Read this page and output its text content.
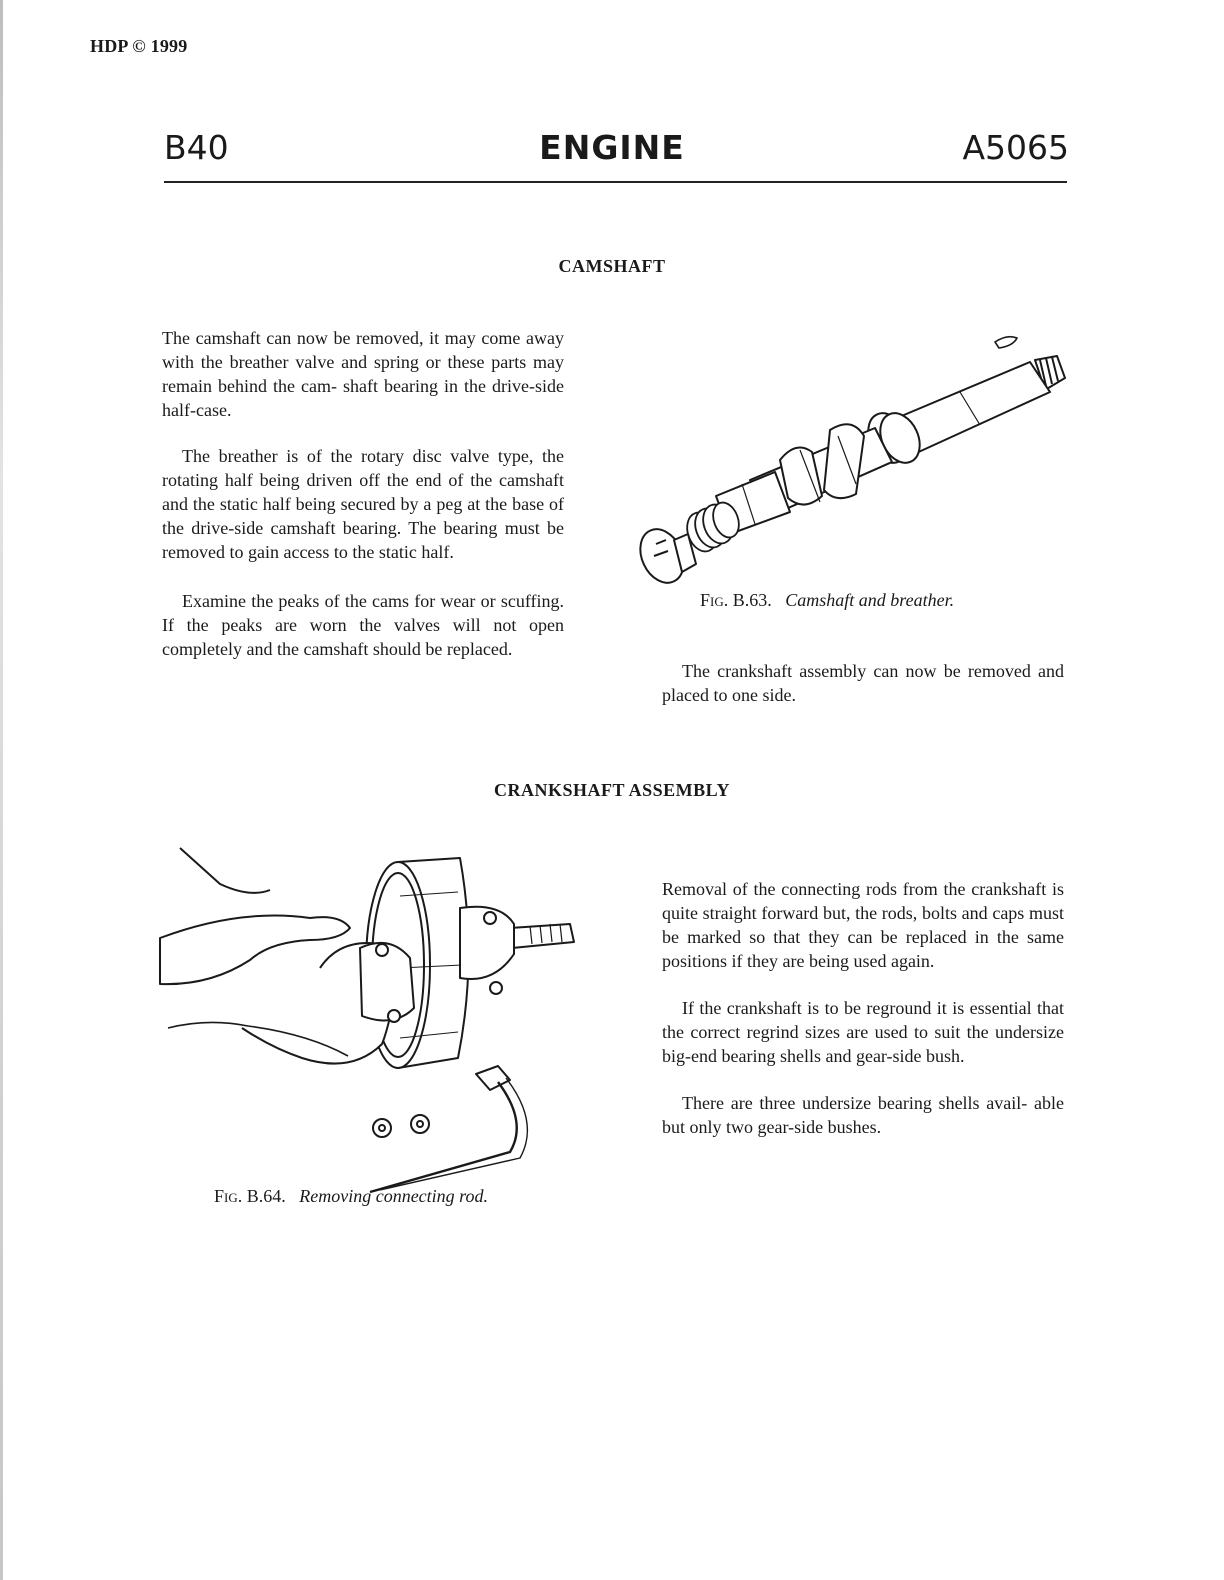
HDP © 1999
B40	ENGINE	A5065
CAMSHAFT

The camshaft can now be removed, it may come away with the breather valve and spring or these parts may remain behind the cam- shaft bearing in the drive-side half-case.

The breather is of the rotary disc valve type, the rotating half being driven off the end of the camshaft and the static half being secured by a peg at the base of the drive-side camshaft bearing. The bearing must be removed to gain access to the static half.

Examine the peaks of the cams for wear or scuffing. If the peaks are worn the valves will not open completely and the camshaft should be replaced.

Fig. B.63. Camshaft and breather.

The crankshaft assembly can now be removed and placed to one side.

CRANKSHAFT ASSEMBLY
Fig. B.64. Removing connecting rod.

Removal of the connecting rods from the crankshaft is quite straight forward but, the rods, bolts and caps must be marked so that they can be replaced in the same positions if they are being used again.

If the crankshaft is to be reground it is essential that the correct regrind sizes are used to suit the undersize big-end bearing shells and gear-side bush.

There are three undersize bearing shells avail- able but only two gear-side bushes.
